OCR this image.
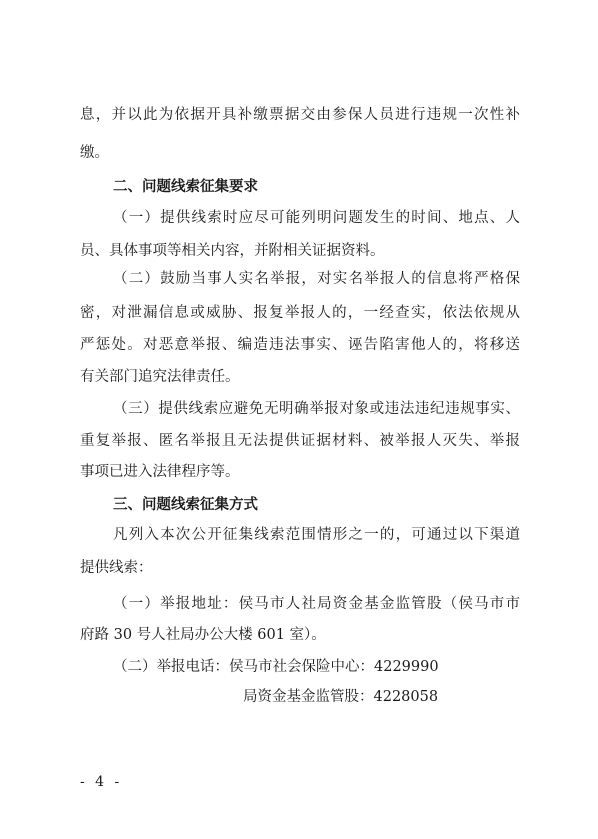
息，并以此为依据开具补缴票据交由参保人员进行违规一次性补
缴。
二、问题线索征集要求
（一）提供线索时应尽可能列明问题发生的时间、地点、人
员、具体事项等相关内容，并附相关证据资料。
（二）鼓励当事人实名举报，对实名举报人的信息将严格保
密，对泄漏信息或威胁、报复举报人的，一经查实，依法依规从
严惩处。对恶意举报、编造违法事实、诬告陷害他人的，将移送
有关部门追究法律责任。
（三）提供线索应避免无明确举报对象或违法违纪违规事实、
重复举报、匿名举报且无法提供证据材料、被举报人灭失、举报
事项已进入法律程序等。
三、问题线索征集方式
凡列入本次公开征集线索范围情形之一的，可通过以下渠道
提供线索：
（一）举报地址：侯马市人社局资金基金监管股（侯马市市
府路 30 号人社局办公大楼 601 室）。
（二）举报电话：侯马市社会保险中心：4229990
局资金基金监管股：4228058
- 4 -
